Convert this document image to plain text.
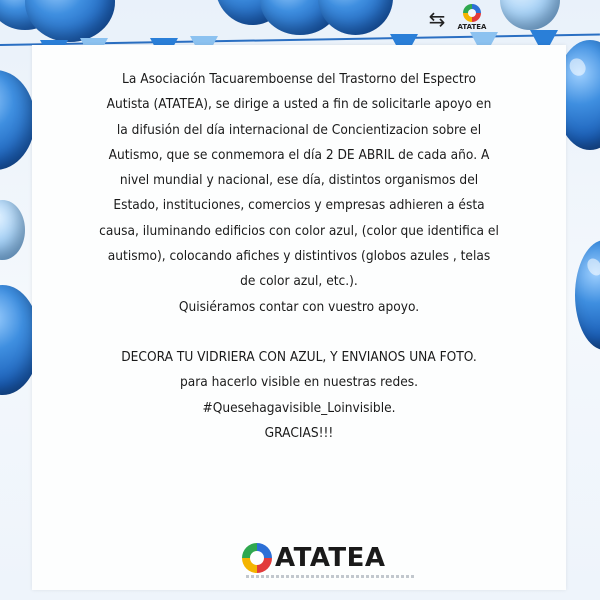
⇆	ATATEA
La Asociación Tacuaremboense del Trastorno del Espectro
Autista (ATATEA), se dirige a usted a fin de solicitarle apoyo en
la difusión del día internacional de Concientizacion sobre el
Autismo, que se conmemora el día 2 DE ABRIL de cada año. A
nivel mundial y nacional, ese día, distintos organismos del
Estado, instituciones, comercios y empresas adhieren a ésta
causa, iluminando edificios con color azul, (color que identifica el
autismo), colocando afiches y distintivos (globos azules , telas
de color azul, etc.).
Quisiéramos contar con vuestro apoyo.
DECORA TU VIDRIERA CON AZUL, Y ENVIANOS UNA FOTO.
para hacerlo visible en nuestras redes.
#Quesehagavisible_Loinvisible.
GRACIAS!!!
ATATEA
